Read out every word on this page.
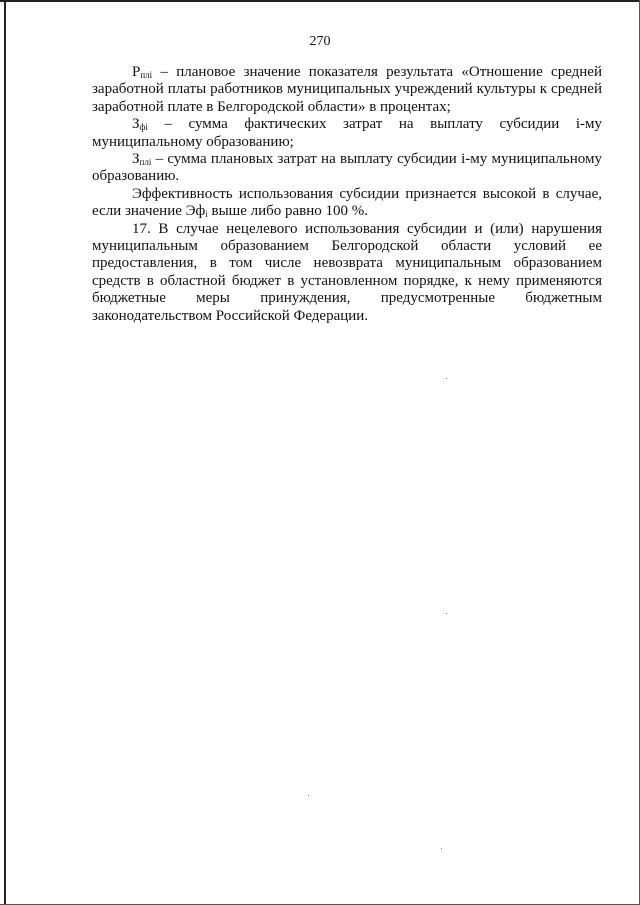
270

$Р_{плi}$ – плановое значение показателя результата «Отношение средней заработной платы работников муниципальных учреждений культуры к средней заработной плате в Белгородской области» в процентах;

$З_{фi}$ – сумма фактических затрат на выплату субсидии i-му муниципальному образованию;

$З_{плi}$ – сумма плановых затрат на выплату субсидии i-му муниципальному образованию.

Эффективность использования субсидии признается высокой в случае, если значение $Эф_i$ выше либо равно 100 %.

17. В случае нецелевого использования субсидии и (или) нарушения муниципальным образованием Белгородской области условий ее предоставления, в том числе невозврата муниципальным образованием средств в областной бюджет в установленном порядке, к нему применяются бюджетные меры принуждения, предусмотренные бюджетным законодательством Российской Федерации.
